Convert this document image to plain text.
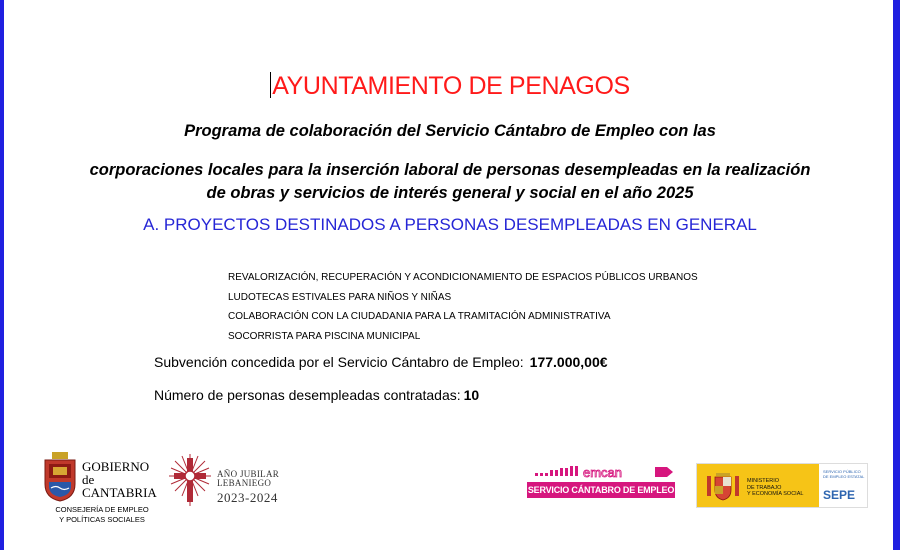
AYUNTAMIENTO DE PENAGOS
Programa de colaboración del Servicio Cántabro de Empleo con las
corporaciones locales para la inserción laboral de personas desempleadas en la realización
de obras y servicios de interés general y social en el año 2025
A. PROYECTOS DESTINADOS A PERSONAS DESEMPLEADAS EN GENERAL
REVALORIZACIÓN, RECUPERACIÓN Y ACONDICIONAMIENTO DE ESPACIOS PÚBLICOS URBANOS
LUDOTECAS ESTIVALES PARA NIÑOS Y NIÑAS
COLABORACIÓN CON LA CIUDADANIA PARA LA TRAMITACIÓN ADMINISTRATIVA
SOCORRISTA PARA PISCINA MUNICIPAL
Subvención concedida por el Servicio Cántabro de Empleo: 177.000,00€
Número de personas desempleadas contratadas: 10
GOBIERNO
de
CANTABRIA
CONSEJERÍA DE EMPLEO
Y POLÍTICAS SOCIALES
AÑO JUBILAR
LEBANIEGO
2023-2024
emcan
SERVICIO CÁNTABRO DE EMPLEO
MINISTERIO
DE TRABAJO
Y ECONOMÍA SOCIAL
SERVICIO PÚBLICO
DE EMPLEO ESTATAL
SEPE
